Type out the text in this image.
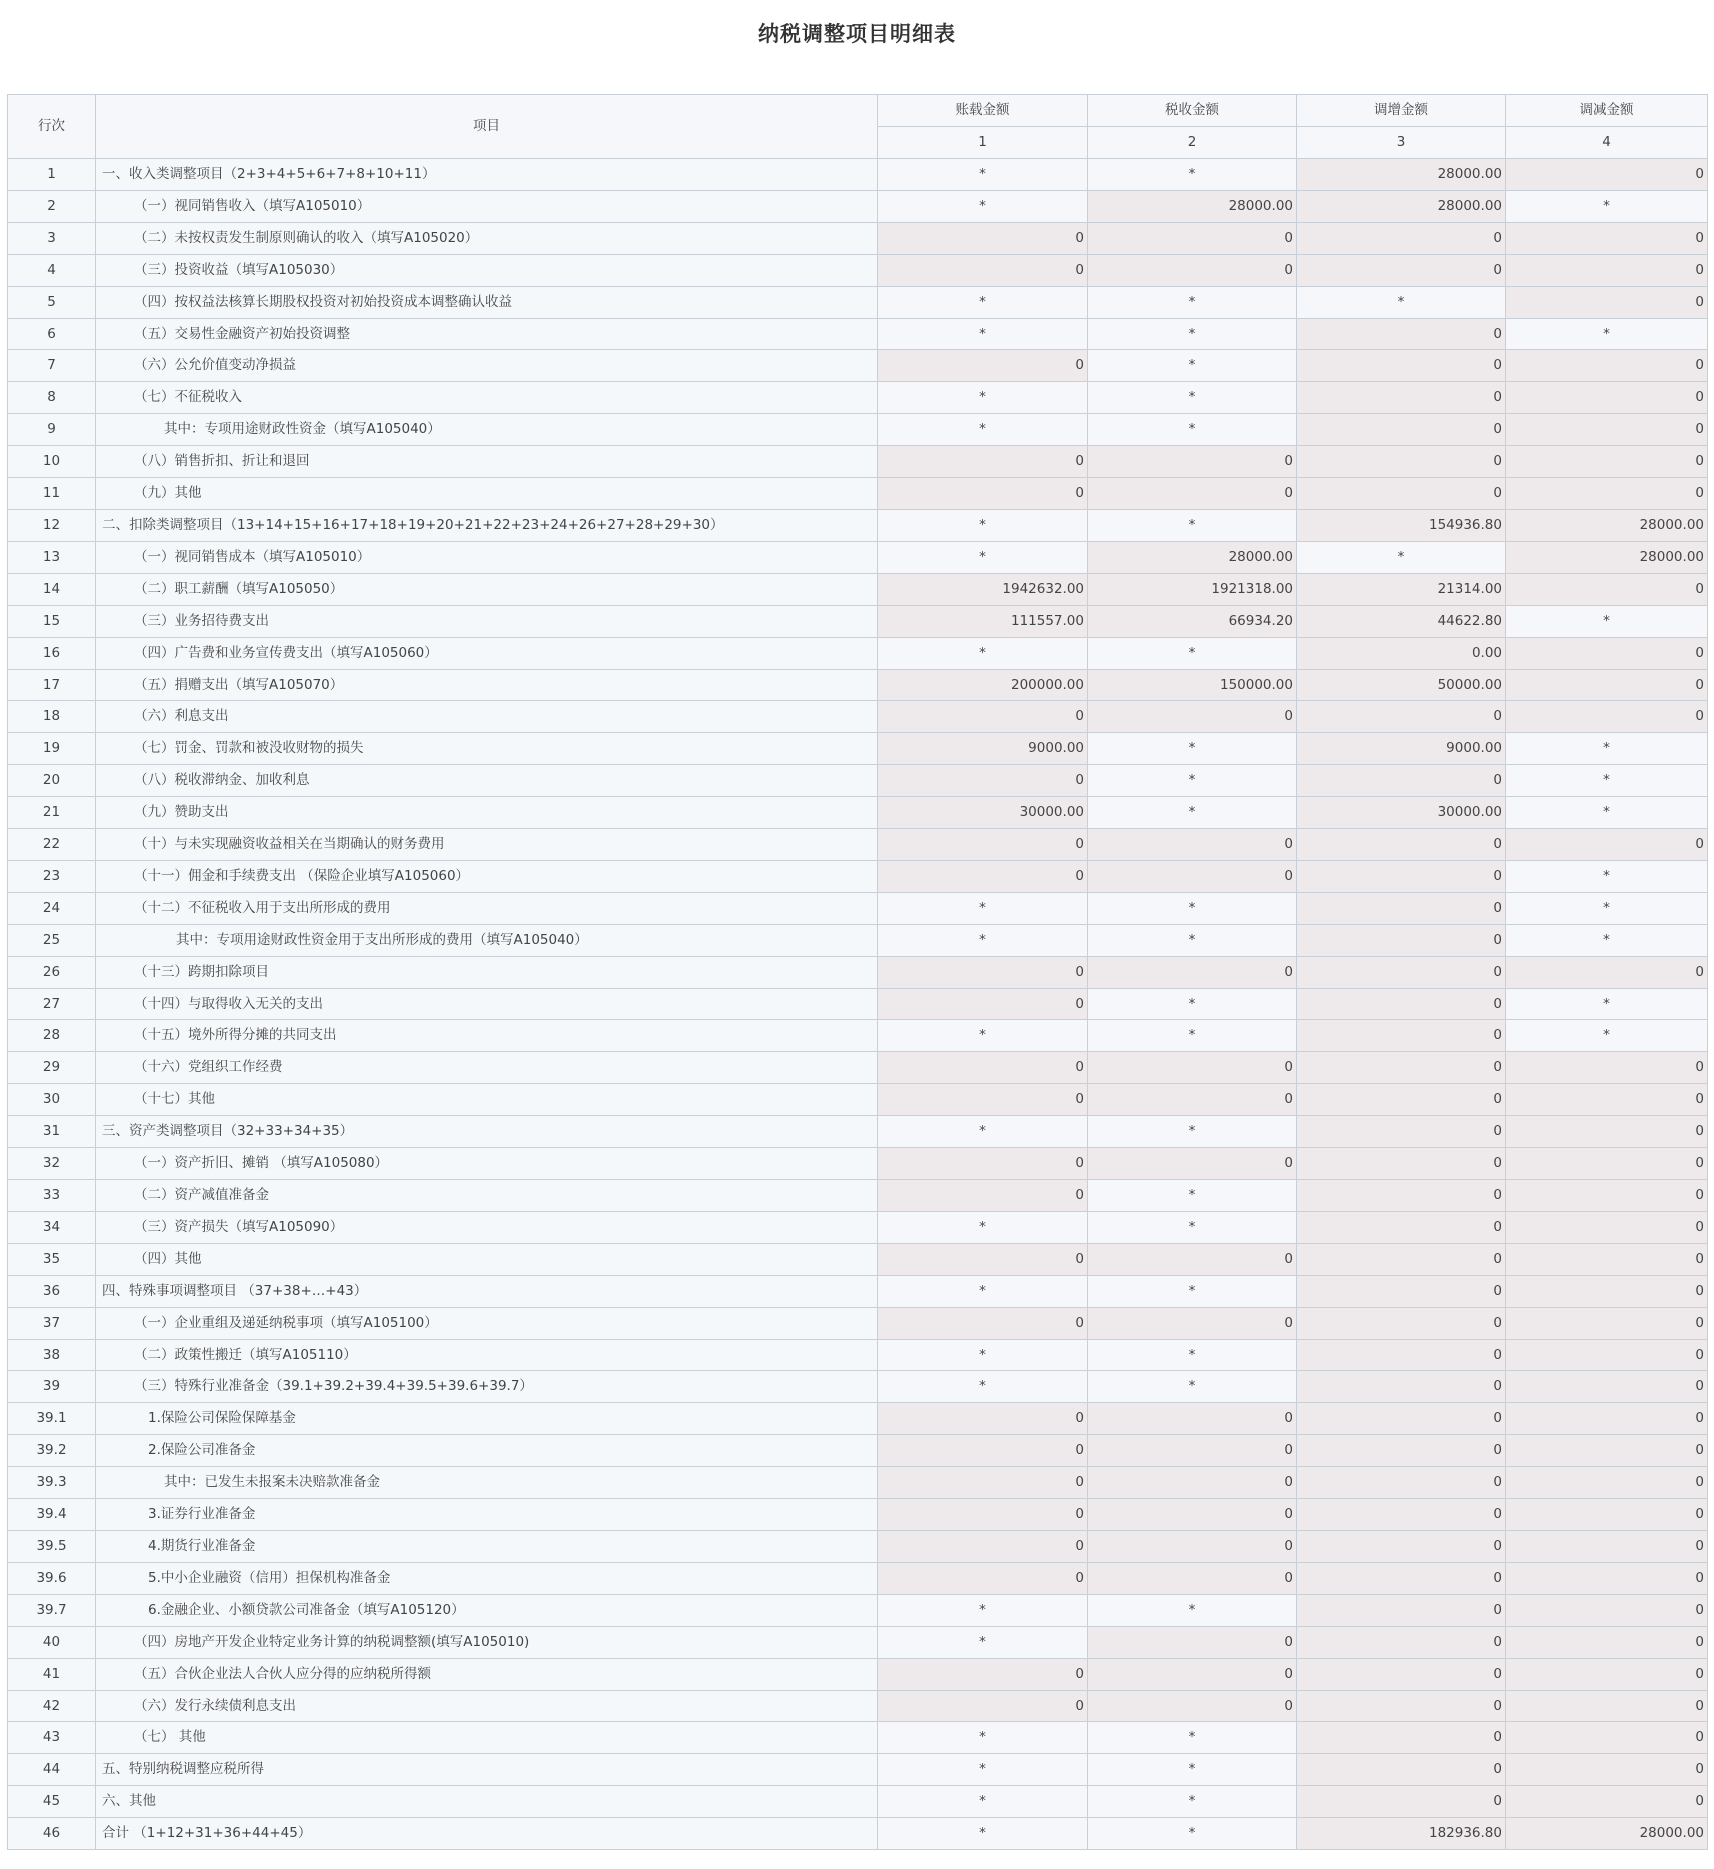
纳税调整项目明细表
行次	项目	账载金额	税收金额	调增金额	调减金额
		1	2	3	4
1	一、收入类调整项目（2+3+4+5+6+7+8+10+11）	*	*	28000.00	0
2	（一）视同销售收入（填写A105010）	*	28000.00	28000.00	*
3	（二）未按权责发生制原则确认的收入（填写A105020）	0	0	0	0
4	（三）投资收益（填写A105030）	0	0	0	0
5	（四）按权益法核算长期股权投资对初始投资成本调整确认收益	*	*	*	0
6	（五）交易性金融资产初始投资调整	*	*	0	*
7	（六）公允价值变动净损益	0	*	0	0
8	（七）不征税收入	*	*	0	0
9	其中：专项用途财政性资金（填写A105040）	*	*	0	0
10	（八）销售折扣、折让和退回	0	0	0	0
11	（九）其他	0	0	0	0
12	二、扣除类调整项目（13+14+15+16+17+18+19+20+21+22+23+24+26+27+28+29+30）	*	*	154936.80	28000.00
13	（一）视同销售成本（填写A105010）	*	28000.00	*	28000.00
14	（二）职工薪酬（填写A105050）	1942632.00	1921318.00	21314.00	0
15	（三）业务招待费支出	111557.00	66934.20	44622.80	*
16	（四）广告费和业务宣传费支出（填写A105060）	*	*	0.00	0
17	（五）捐赠支出（填写A105070）	200000.00	150000.00	50000.00	0
18	（六）利息支出	0	0	0	0
19	（七）罚金、罚款和被没收财物的损失	9000.00	*	9000.00	*
20	（八）税收滞纳金、加收利息	0	*	0	*
21	（九）赞助支出	30000.00	*	30000.00	*
22	（十）与未实现融资收益相关在当期确认的财务费用	0	0	0	0
23	（十一）佣金和手续费支出 （保险企业填写A105060）	0	0	0	*
24	（十二）不征税收入用于支出所形成的费用	*	*	0	*
25	其中：专项用途财政性资金用于支出所形成的费用（填写A105040）	*	*	0	*
26	（十三）跨期扣除项目	0	0	0	0
27	（十四）与取得收入无关的支出	0	*	0	*
28	（十五）境外所得分摊的共同支出	*	*	0	*
29	（十六）党组织工作经费	0	0	0	0
30	（十七）其他	0	0	0	0
31	三、资产类调整项目（32+33+34+35）	*	*	0	0
32	（一）资产折旧、摊销 （填写A105080）	0	0	0	0
33	（二）资产减值准备金	0	*	0	0
34	（三）资产损失（填写A105090）	*	*	0	0
35	（四）其他	0	0	0	0
36	四、特殊事项调整项目 （37+38+…+43）	*	*	0	0
37	（一）企业重组及递延纳税事项（填写A105100）	0	0	0	0
38	（二）政策性搬迁（填写A105110）	*	*	0	0
39	（三）特殊行业准备金（39.1+39.2+39.4+39.5+39.6+39.7）	*	*	0	0
39.1	1.保险公司保险保障基金	0	0	0	0
39.2	2.保险公司准备金	0	0	0	0
39.3	其中：已发生未报案未决赔款准备金	0	0	0	0
39.4	3.证券行业准备金	0	0	0	0
39.5	4.期货行业准备金	0	0	0	0
39.6	5.中小企业融资（信用）担保机构准备金	0	0	0	0
39.7	6.金融企业、小额贷款公司准备金（填写A105120）	*	*	0	0
40	（四）房地产开发企业特定业务计算的纳税调整额(填写A105010)	*	0	0	0
41	（五）合伙企业法人合伙人应分得的应纳税所得额	0	0	0	0
42	（六）发行永续债利息支出	0	0	0	0
43	（七） 其他	*	*	0	0
44	五、特别纳税调整应税所得	*	*	0	0
45	六、其他	*	*	0	0
46	合计 （1+12+31+36+44+45）	*	*	182936.80	28000.00
